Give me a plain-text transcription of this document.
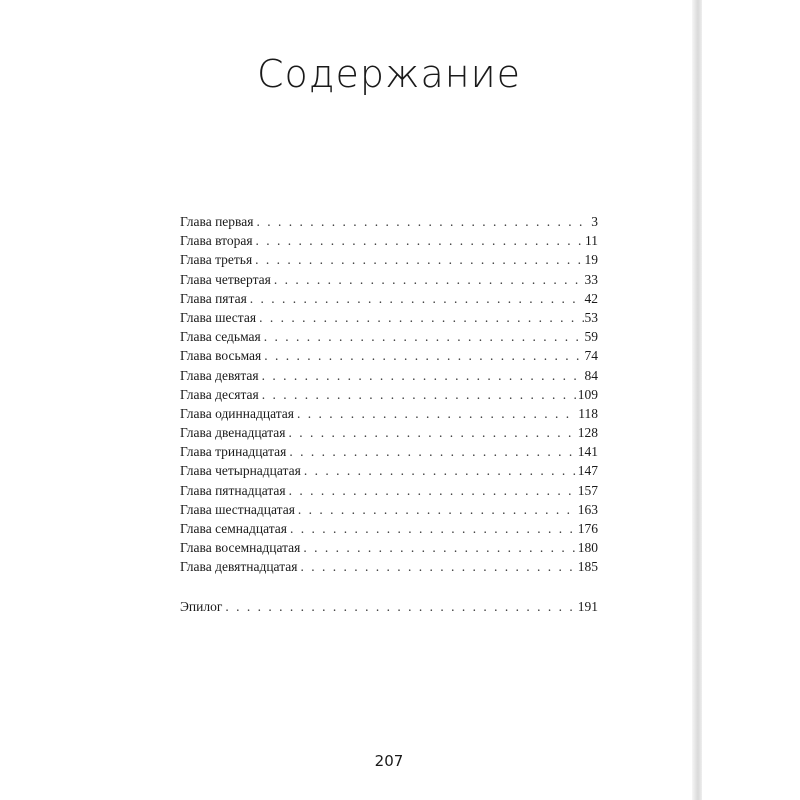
Содержание
Глава первая . . .	3
Глава вторая . . .	11
Глава третья . . .	19
Глава четвертая . . .	33
Глава пятая . . .	42
Глава шестая . . .	53
Глава седьмая . . .	59
Глава восьмая . . .	74
Глава девятая . . .	84
Глава десятая . . .	109
Глава одиннадцатая . . .	118
Глава двенадцатая . . .	128
Глава тринадцатая . . .	141
Глава четырнадцатая . . .	147
Глава пятнадцатая . . .	157
Глава шестнадцатая . . .	163
Глава семнадцатая . . .	176
Глава восемнадцатая . . .	180
Глава девятнадцатая . . .	185
Эпилог . . .	191
207
